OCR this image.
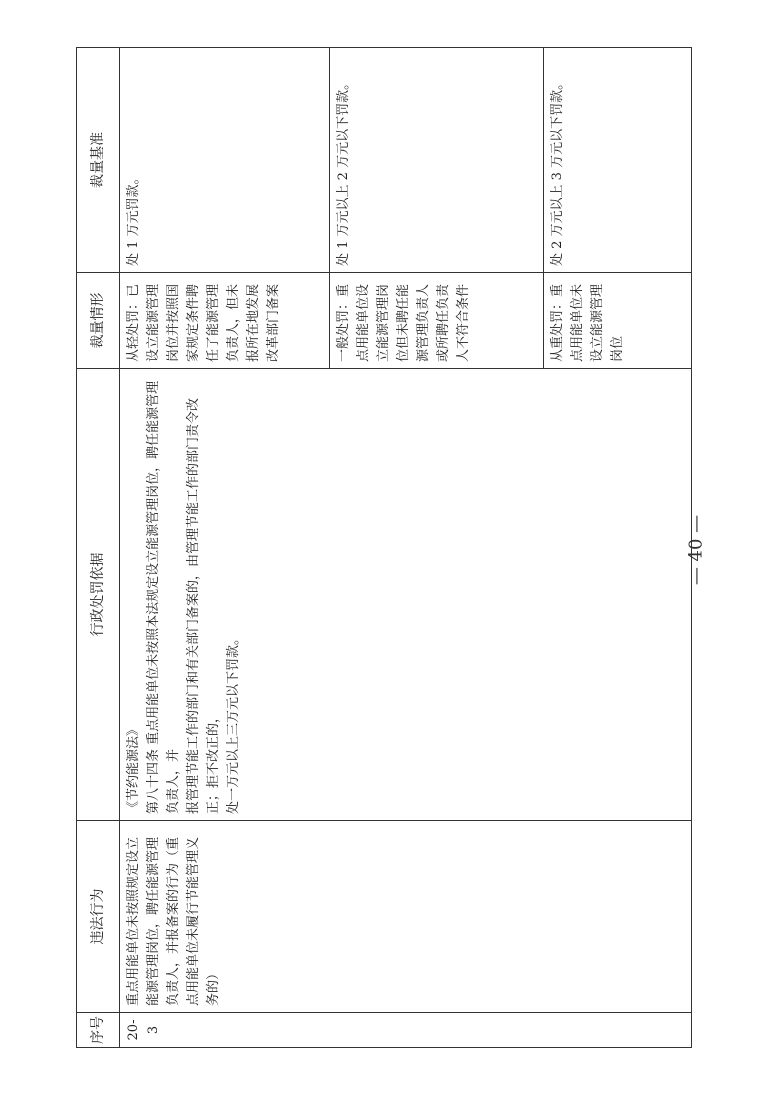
序号	违法行为	行政处罚依据	裁量情形	裁量基准
20-3	重点用能单位未按照规定设立能源管理岗位，聘任能源管理负责人，并报备案的行为（重点用能单位未履行节能管理义务的）	《节约能源法》 第八十四条 重点用能单位未按照本法规定设立能源管理岗位，聘任能源管理负责人，并 报管理节能工作的部门和有关部门备案的，由管理节能工作的部门责令改正；拒不改正的， 处一万元以上三万元以下罚款。	从轻处罚：已设立能源管理岗位并按照国家规定条件聘任了能源管理负责人，但未报所在地发展改革部门备案	处 1 万元罚款。
			一般处罚：重点用能单位设立能源管理岗位但未聘任能源管理负责人或所聘任负责人不符合条件	处 1 万元以上 2 万元以下罚款。
			从重处罚：重点用能单位未设立能源管理岗位	处 2 万元以上 3 万元以下罚款。
— 40 —
